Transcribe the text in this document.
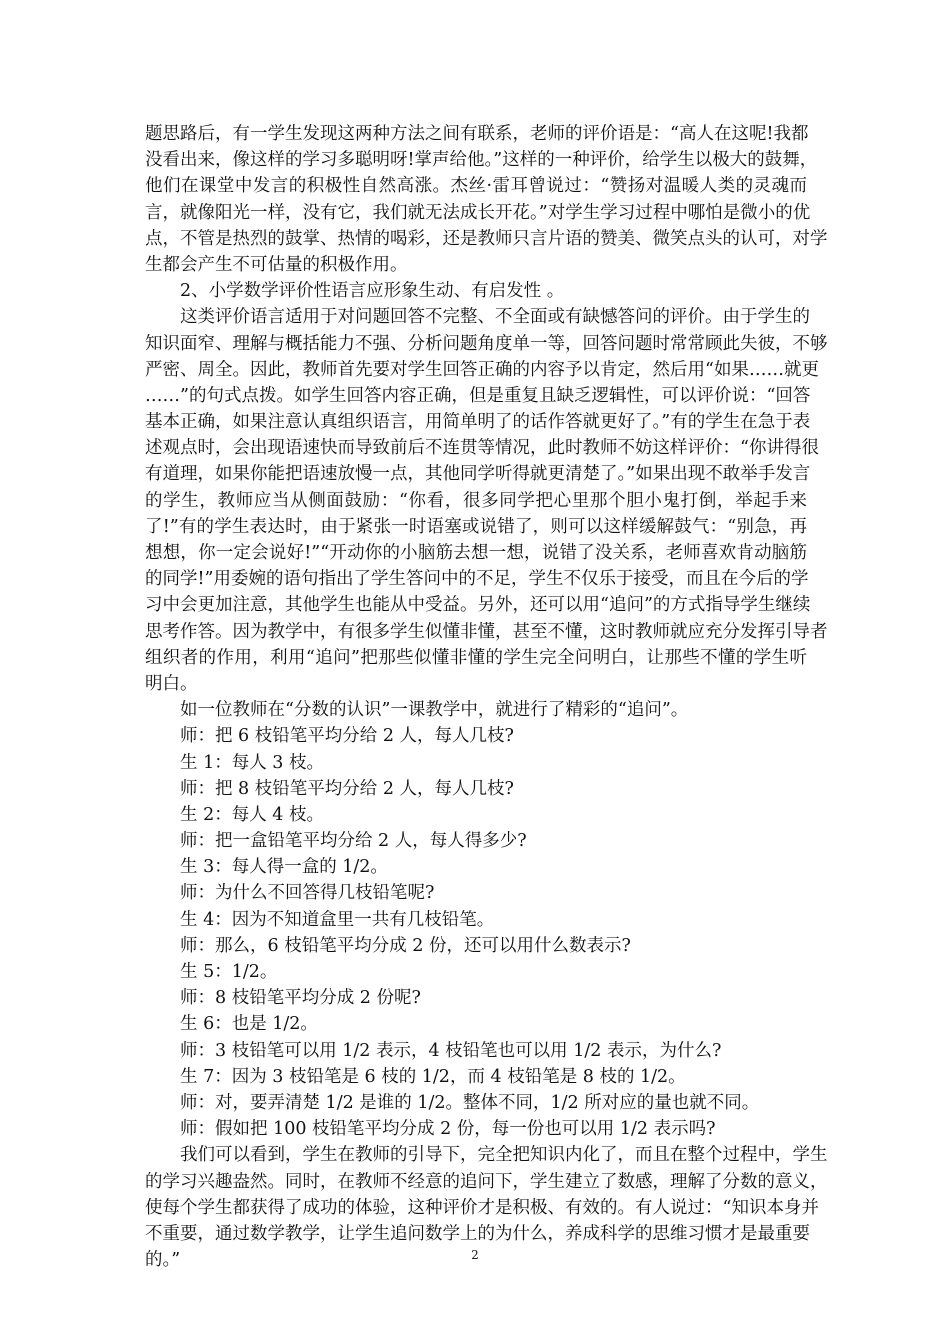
题思路后，有一学生发现这两种方法之间有联系，老师的评价语是：“高人在这呢!我都
没看出来，像这样的学习多聪明呀!掌声给他。”这样的一种评价，给学生以极大的鼓舞，
他们在课堂中发言的积极性自然高涨。杰丝·雷耳曾说过：“赞扬对温暖人类的灵魂而
言，就像阳光一样，没有它，我们就无法成长开花。”对学生学习过程中哪怕是微小的优
点，不管是热烈的鼓掌、热情的喝彩，还是教师只言片语的赞美、微笑点头的认可，对学
生都会产生不可估量的积极作用。
　　2、小学数学评价性语言应形象生动、有启发性 。
　　这类评价语言适用于对问题回答不完整、不全面或有缺憾答问的评价。由于学生的
知识面窄、理解与概括能力不强、分析问题角度单一等，回答问题时常常顾此失彼，不够
严密、周全。因此，教师首先要对学生回答正确的内容予以肯定，然后用“如果……就更
……”的句式点拨。如学生回答内容正确，但是重复且缺乏逻辑性，可以评价说：“回答
基本正确，如果注意认真组织语言，用简单明了的话作答就更好了。”有的学生在急于表
述观点时，会出现语速快而导致前后不连贯等情况，此时教师不妨这样评价：“你讲得很
有道理，如果你能把语速放慢一点，其他同学听得就更清楚了。”如果出现不敢举手发言
的学生，教师应当从侧面鼓励：“你看，很多同学把心里那个胆小鬼打倒，举起手来
了!”有的学生表达时，由于紧张一时语塞或说错了，则可以这样缓解鼓气：“别急，再
想想，你一定会说好!”“开动你的小脑筋去想一想，说错了没关系，老师喜欢肯动脑筋
的同学!”用委婉的语句指出了学生答问中的不足，学生不仅乐于接受，而且在今后的学
习中会更加注意，其他学生也能从中受益。另外，还可以用“追问”的方式指导学生继续
思考作答。因为教学中，有很多学生似懂非懂，甚至不懂，这时教师就应充分发挥引导者
组织者的作用，利用“追问”把那些似懂非懂的学生完全问明白，让那些不懂的学生听
明白。
　　如一位教师在“分数的认识”一课教学中，就进行了精彩的“追问”。
　　师：把 6 枝铅笔平均分给 2 人，每人几枝?
　　生 1：每人 3 枝。
　　师：把 8 枝铅笔平均分给 2 人，每人几枝?
　　生 2：每人 4 枝。
　　师：把一盒铅笔平均分给 2 人，每人得多少?
　　生 3：每人得一盒的 1/2。
　　师：为什么不回答得几枝铅笔呢?
　　生 4：因为不知道盒里一共有几枝铅笔。
　　师：那么，6 枝铅笔平均分成 2 份，还可以用什么数表示?
　　生 5：1/2。
　　师：8 枝铅笔平均分成 2 份呢?
　　生 6：也是 1/2。
　　师：3 枝铅笔可以用 1/2 表示，4 枝铅笔也可以用 1/2 表示，为什么?
　　生 7：因为 3 枝铅笔是 6 枝的 1/2，而 4 枝铅笔是 8 枝的 1/2。
　　师：对，要弄清楚 1/2 是谁的 1/2。整体不同，1/2 所对应的量也就不同。
　　师：假如把 100 枝铅笔平均分成 2 份，每一份也可以用 1/2 表示吗?
　　我们可以看到，学生在教师的引导下，完全把知识内化了，而且在整个过程中，学生
的学习兴趣盎然。同时，在教师不经意的追问下，学生建立了数感，理解了分数的意义，
使每个学生都获得了成功的体验，这种评价才是积极、有效的。有人说过：“知识本身并
不重要，通过数学教学，让学生追问数学上的为什么，养成科学的思维习惯才是最重要
的。”	2
